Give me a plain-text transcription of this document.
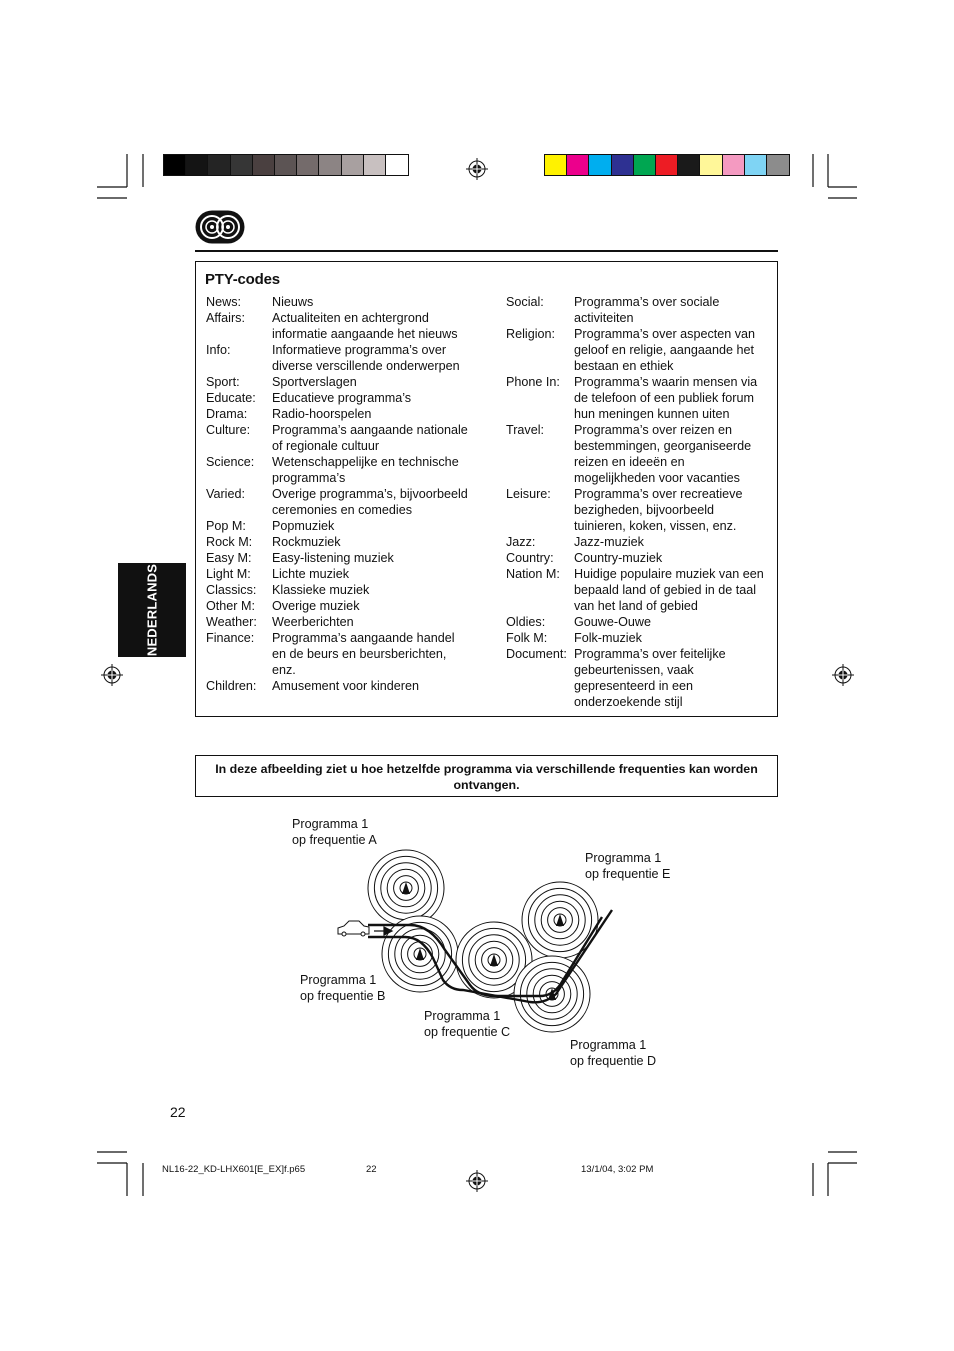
PTY-codes
News:	Nieuws
Affairs:	Actualiteiten en achtergrond
informatie aangaande het nieuws
Info:	Informatieve programma’s over
diverse verscillende onderwerpen
Sport:	Sportverslagen
Educate:	Educatieve programma’s
Drama:	Radio-hoorspelen
Culture:	Programma’s aangaande nationale
of regionale cultuur
Science:	Wetenschappelijke en technische
programma’s
Varied:	Overige programma’s, bijvoorbeeld
ceremonies en comedies
Pop M:	Popmuziek
Rock M:	Rockmuziek
Easy M:	Easy-listening muziek
Light M:	Lichte muziek
Classics:	Klassieke muziek
Other M:	Overige muziek
Weather:	Weerberichten
Finance:	Programma’s aangaande handel
en de beurs en beursberichten,
enz.
Children:	Amusement voor kinderen
Social:	Programma’s over sociale
activiteiten
Religion:	Programma’s over aspecten van
geloof en religie, aangaande het
bestaan en ethiek
Phone In:	Programma’s waarin mensen via
de telefoon of een publiek forum
hun meningen kunnen uiten
Travel:	Programma’s over reizen en
bestemmingen, georganiseerde
reizen en ideeën en
mogelijkheden voor vacanties
Leisure:	Programma’s over recreatieve
bezigheden, bijvoorbeeld
tuinieren, koken, vissen, enz.
Jazz:	Jazz-muziek
Country:	Country-muziek
Nation M:	Huidige populaire muziek van een
bepaald land of gebied in de taal
van het land of gebied
Oldies:	Gouwe-Ouwe
Folk M:	Folk-muziek
Document: Programma’s over feitelijke
gebeurtenissen, vaak
gepresenteerd in een
onderzoekende stijl
NEDERLANDS
In deze afbeelding ziet u hoe hetzelfde programma via verschillende frequenties kan worden
ontvangen.
Programma 1
op frequentie A
Programma 1
op frequentie E
Programma 1
op frequentie B
Programma 1
op frequentie C
Programma 1
op frequentie D
22
NL16-22_KD-LHX601[E_EX]f.p65	22	13/1/04, 3:02 PM
